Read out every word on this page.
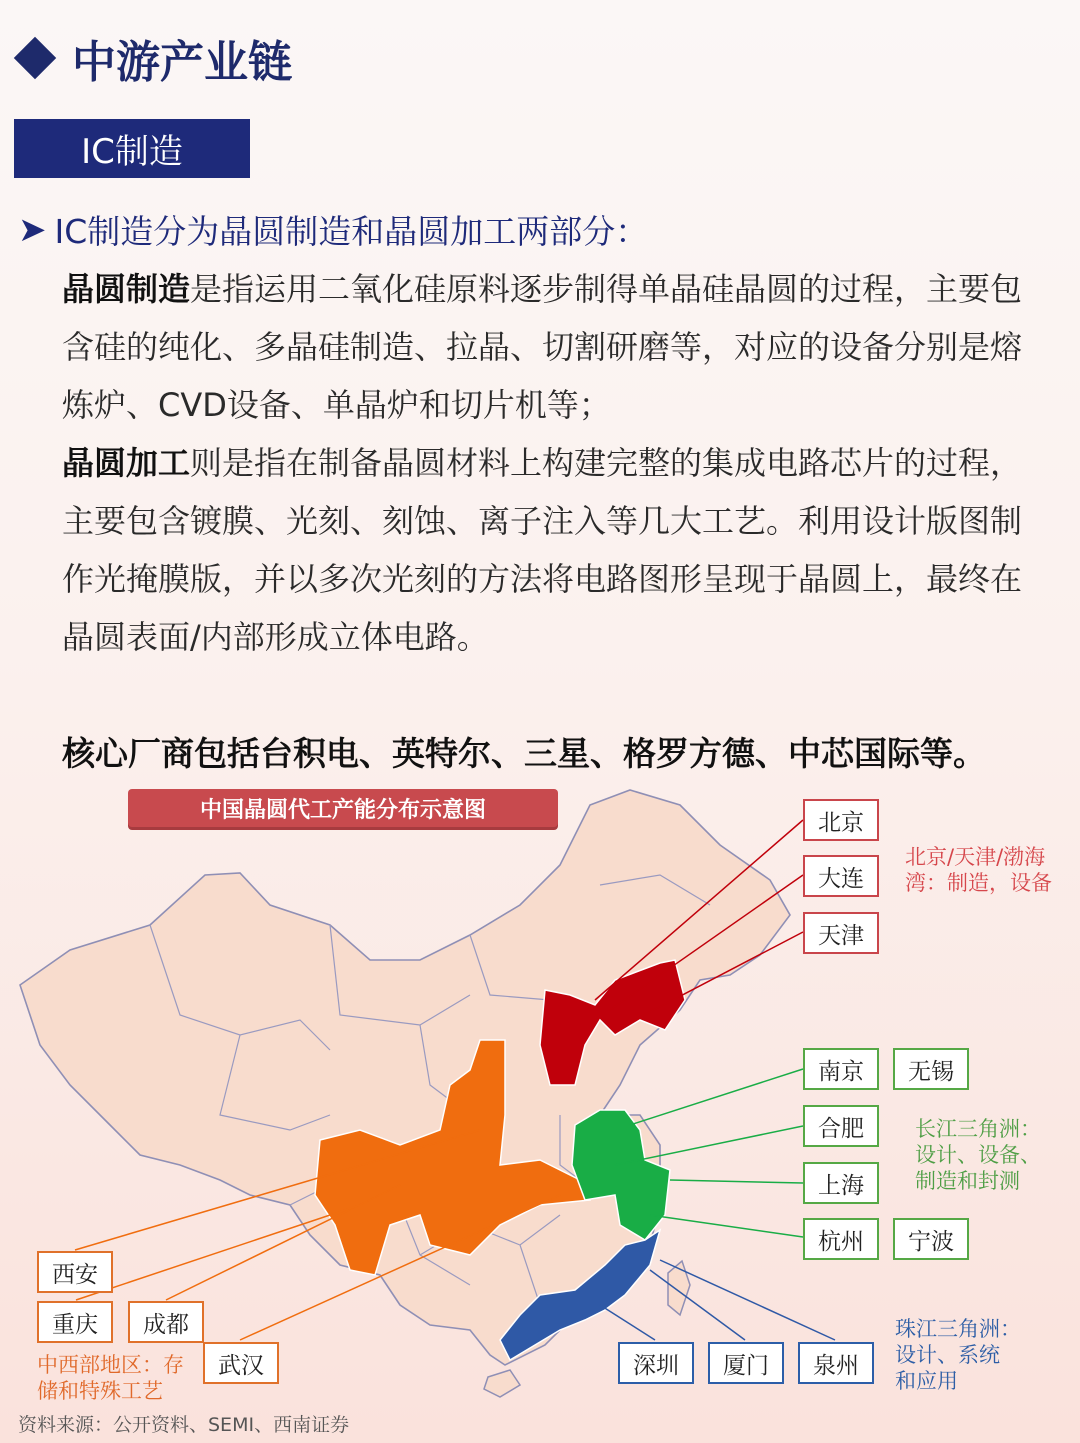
中游产业链
IC制造
➤ IC制造分为晶圆制造和晶圆加工两部分：
晶圆制造是指运用二氧化硅原料逐步制得单晶硅晶圆的过程，主要包含硅的纯化、多晶硅制造、拉晶、切割研磨等，对应的设备分别是熔炼炉、CVD设备、单晶炉和切片机等；
晶圆加工则是指在制备晶圆材料上构建完整的集成电路芯片的过程，主要包含镀膜、光刻、刻蚀、离子注入等几大工艺。利用设计版图制作光掩膜版，并以多次光刻的方法将电路图形呈现于晶圆上，最终在晶圆表面/内部形成立体电路。
核心厂商包括台积电、英特尔、三星、格罗方德、中芯国际等。
中国晶圆代工产能分布示意图	北京
大连
天津
北京/天津/渤海
湾：制造，设备
南京	无锡
合肥
上海
杭州	宁波
长江三角洲：
设计、设备、
制造和封测
深圳	厦门	泉州
珠江三角洲：
设计、系统
和应用
西安
重庆	成都
武汉
中西部地区：存
储和特殊工艺
资料来源：公开资料、SEMI、西南证券
